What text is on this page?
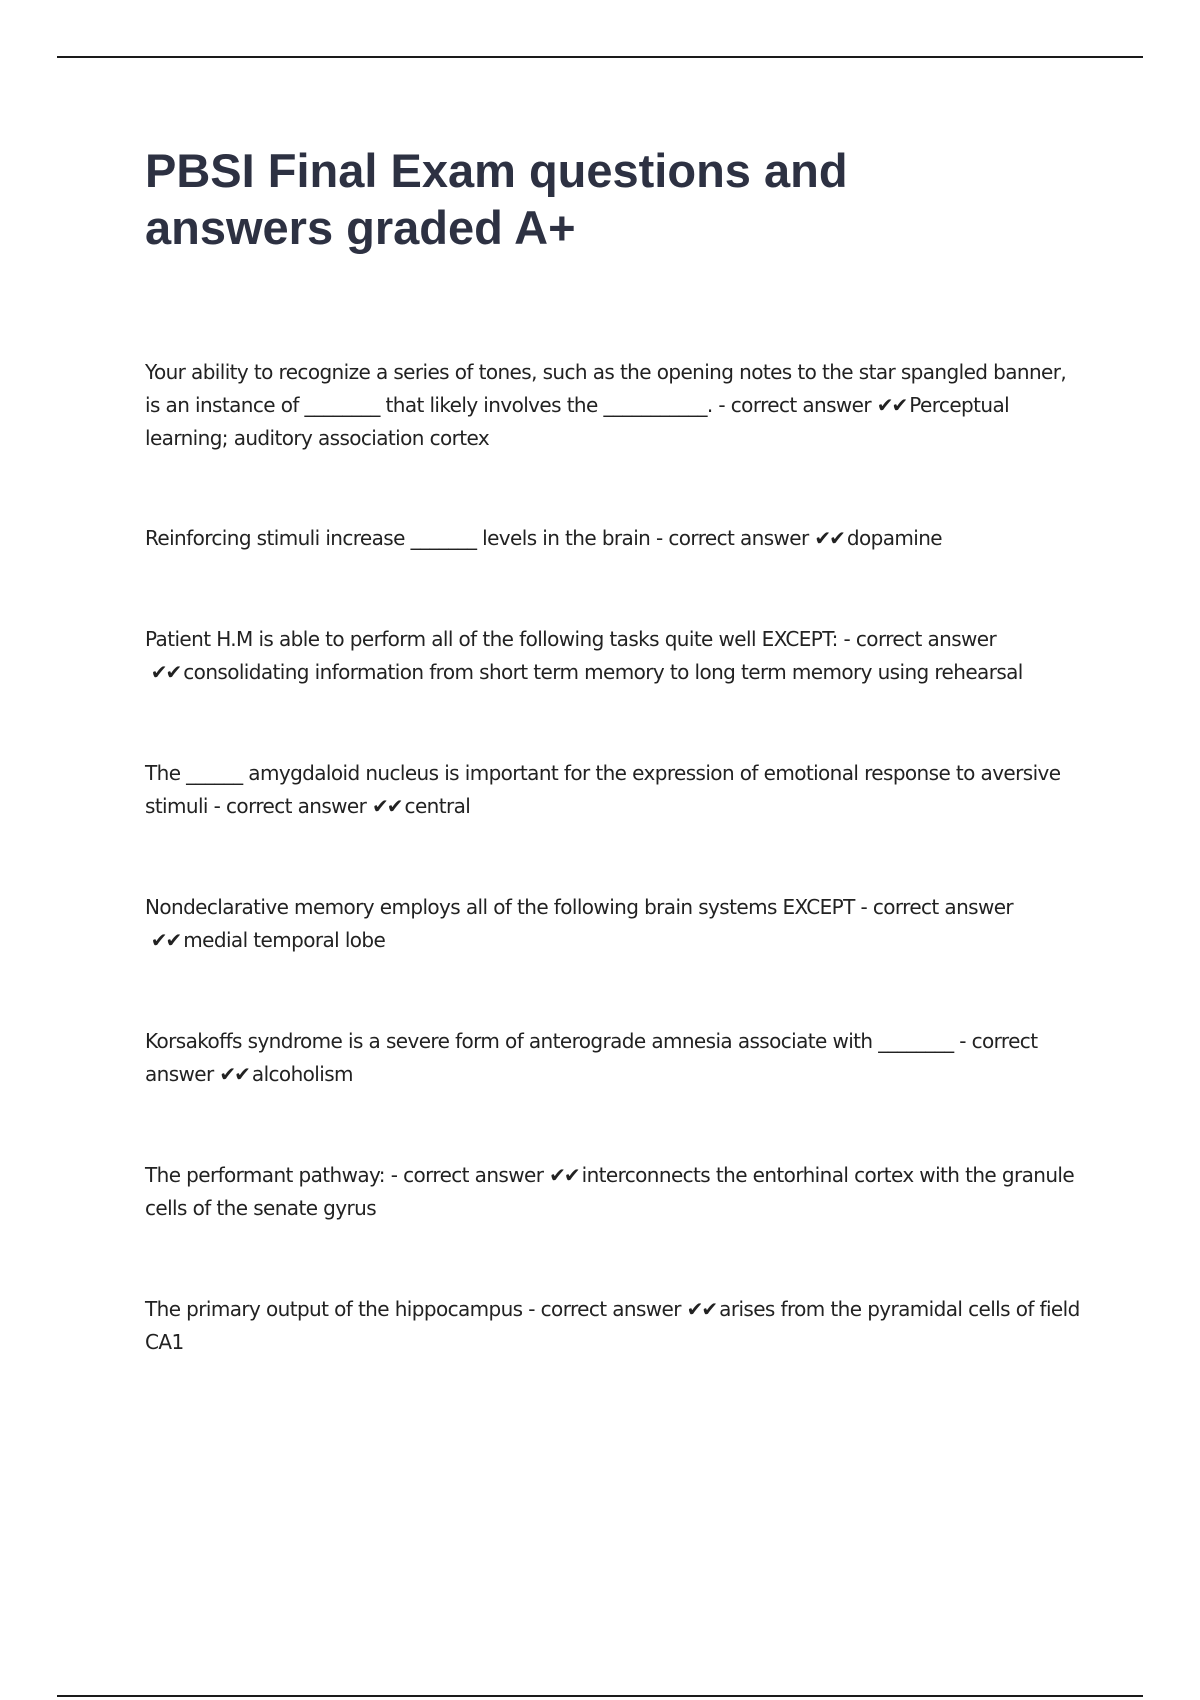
PBSI Final Exam questions and answers graded A+

Your ability to recognize a series of tones, such as the opening notes to the star spangled banner, is an instance of ________ that likely involves the ___________. - correct answer ✔✔ Perceptual learning; auditory association cortex

Reinforcing stimuli increase _______ levels in the brain - correct answer ✔✔ dopamine

Patient H.M is able to perform all of the following tasks quite well EXCEPT: - correct answer ✔✔ consolidating information from short term memory to long term memory using rehearsal

The ______ amygdaloid nucleus is important for the expression of emotional response to aversive stimuli - correct answer ✔✔ central

Nondeclarative memory employs all of the following brain systems EXCEPT - correct answer ✔✔ medial temporal lobe

Korsakoffs syndrome is a severe form of anterograde amnesia associate with ________ - correct answer ✔✔ alcoholism

The performant pathway: - correct answer ✔✔ interconnects the entorhinal cortex with the granule cells of the senate gyrus

The primary output of the hippocampus - correct answer ✔✔ arises from the pyramidal cells of field CA1
